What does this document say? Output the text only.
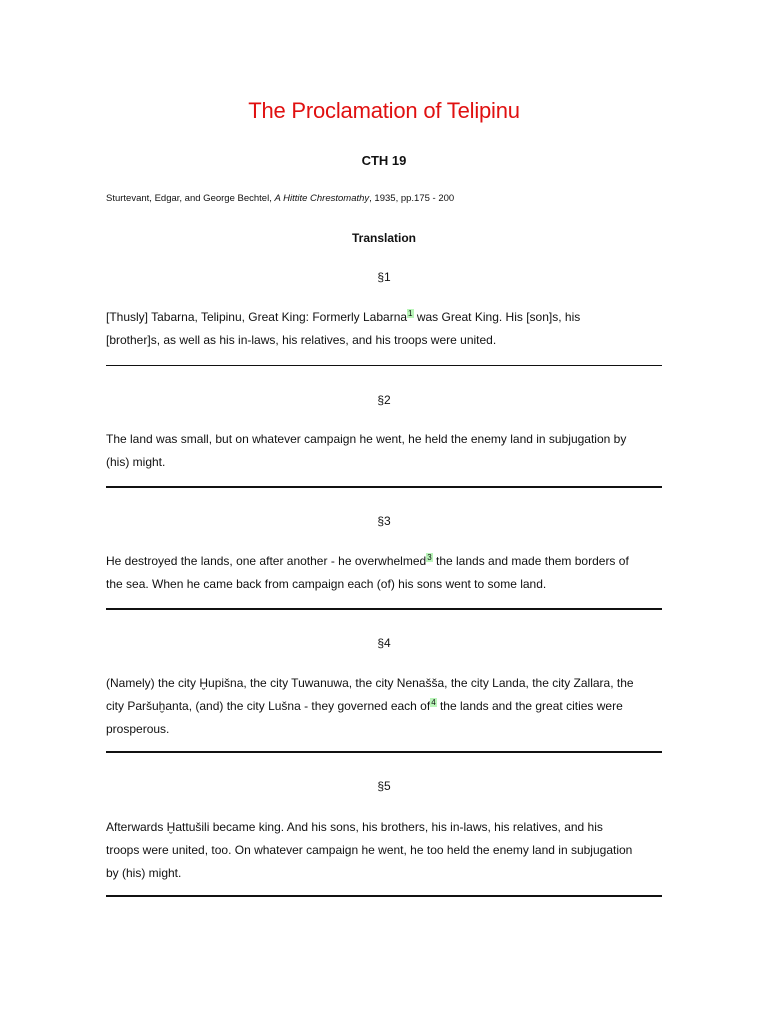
The Proclamation of Telipinu
CTH 19
Sturtevant, Edgar, and George Bechtel, A Hittite Chrestomathy, 1935, pp.175 - 200
Translation
§1
[Thusly] Tabarna, Telipinu, Great King: Formerly Labarna$^1$ was Great King. His [son]s, his
[brother]s, as well as his in-laws, his relatives, and his troops were united.
§2
The land was small, but on whatever campaign he went, he held the enemy land in subjugation by
(his) might.
§3
He destroyed the lands, one after another - he overwhelmed$^3$ the lands and made them borders of
the sea. When he came back from campaign each (of) his sons went to some land.
§4
(Namely) the city Ḫupišna, the city Tuwanuwa, the city Nenašša, the city Landa, the city Zallara, the
city Paršuḫanta, (and) the city Lušna - they governed each of$^4$ the lands and the great cities were
prosperous.
§5
Afterwards Ḫattušili became king. And his sons, his brothers, his in-laws, his relatives, and his
troops were united, too. On whatever campaign he went, he too held the enemy land in subjugation
by (his) might.
